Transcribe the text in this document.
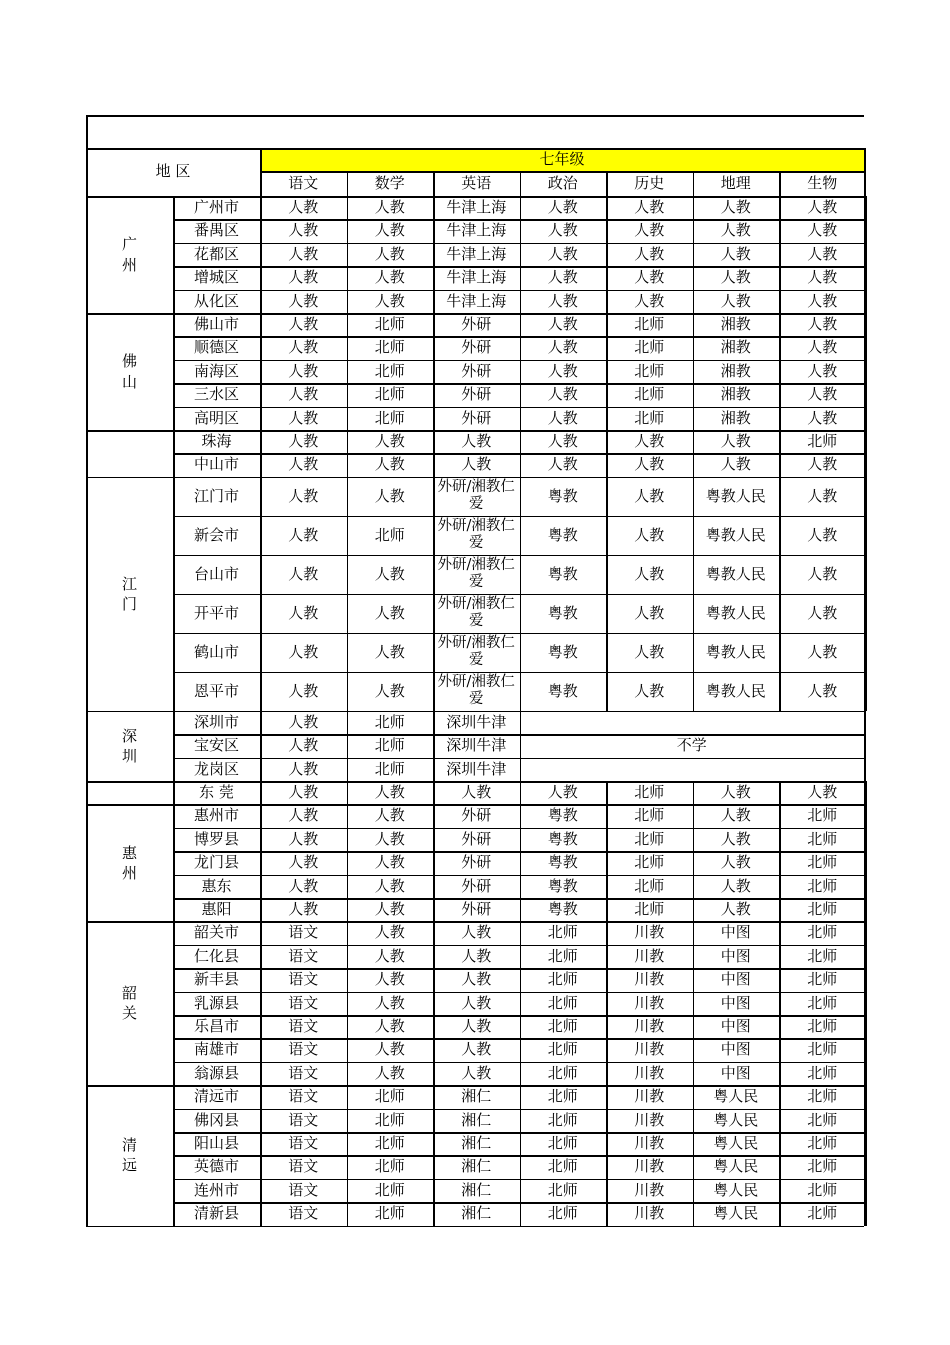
地 区
七年级
语文	数学	英语	政治	历史	地理	生物
广
州
广州市	人教	人教	牛津上海	人教	人教	人教	人教
番禺区	人教	人教	牛津上海	人教	人教	人教	人教
花都区	人教	人教	牛津上海	人教	人教	人教	人教
增城区	人教	人教	牛津上海	人教	人教	人教	人教
从化区	人教	人教	牛津上海	人教	人教	人教	人教
佛
山
佛山市	人教	北师	外研	人教	北师	湘教	人教
顺德区	人教	北师	外研	人教	北师	湘教	人教
南海区	人教	北师	外研	人教	北师	湘教	人教
三水区	人教	北师	外研	人教	北师	湘教	人教
高明区	人教	北师	外研	人教	北师	湘教	人教
珠海	人教	人教	人教	人教	人教	人教	北师
中山市	人教	人教	人教	人教	人教	人教	人教
江
门
江门市	人教	人教	外研/湘教仁爱	粤教	人教	粤教人民	人教
新会市	人教	北师	外研/湘教仁爱	粤教	人教	粤教人民	人教
台山市	人教	人教	外研/湘教仁爱	粤教	人教	粤教人民	人教
开平市	人教	人教	外研/湘教仁爱	粤教	人教	粤教人民	人教
鹤山市	人教	人教	外研/湘教仁爱	粤教	人教	粤教人民	人教
恩平市	人教	人教	外研/湘教仁爱	粤教	人教	粤教人民	人教
深
圳
深圳市	人教	北师	深圳牛津
宝安区	人教	北师	深圳牛津
龙岗区	人教	北师	深圳牛津
不学
东 莞	人教	人教	人教	人教	北师	人教	人教
惠
州
惠州市	人教	人教	外研	粤教	北师	人教	北师
博罗县	人教	人教	外研	粤教	北师	人教	北师
龙门县	人教	人教	外研	粤教	北师	人教	北师
惠东	人教	人教	外研	粤教	北师	人教	北师
惠阳	人教	人教	外研	粤教	北师	人教	北师
韶
关
韶关市	语文	人教	人教	北师	川教	中图	北师
仁化县	语文	人教	人教	北师	川教	中图	北师
新丰县	语文	人教	人教	北师	川教	中图	北师
乳源县	语文	人教	人教	北师	川教	中图	北师
乐昌市	语文	人教	人教	北师	川教	中图	北师
南雄市	语文	人教	人教	北师	川教	中图	北师
翁源县	语文	人教	人教	北师	川教	中图	北师
清
远
清远市	语文	北师	湘仁	北师	川教	粤人民	北师
佛冈县	语文	北师	湘仁	北师	川教	粤人民	北师
阳山县	语文	北师	湘仁	北师	川教	粤人民	北师
英德市	语文	北师	湘仁	北师	川教	粤人民	北师
连州市	语文	北师	湘仁	北师	川教	粤人民	北师
清新县	语文	北师	湘仁	北师	川教	粤人民	北师
